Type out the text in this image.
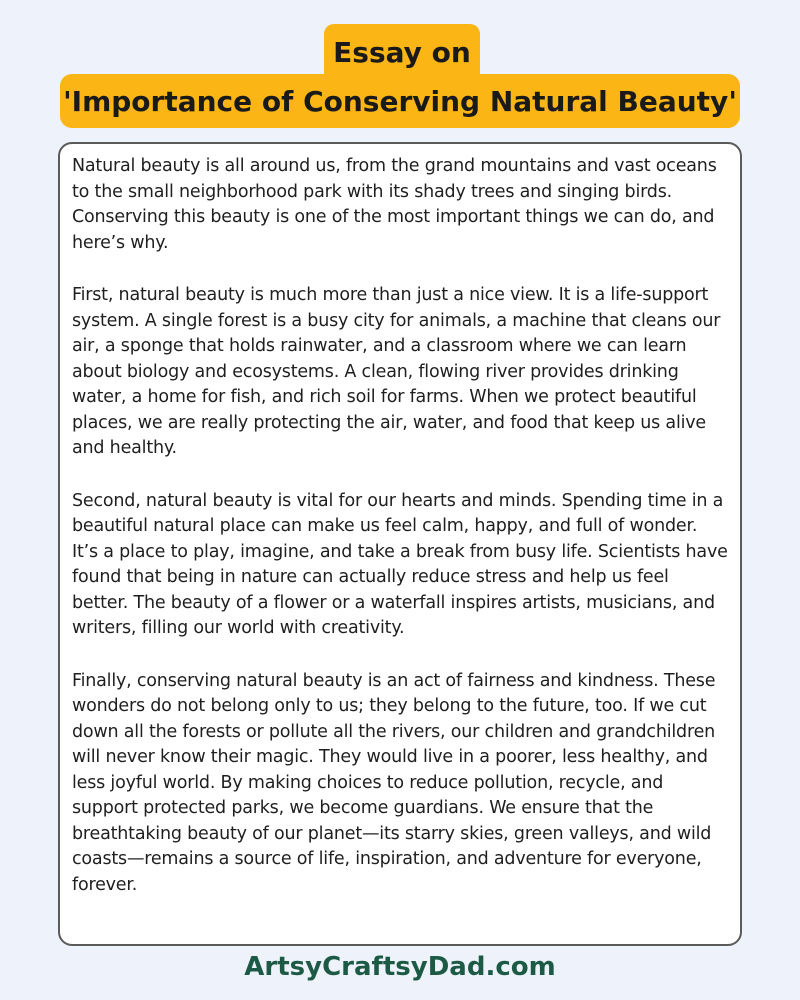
Essay on
'Importance of Conserving Natural Beauty'

Natural beauty is all around us, from the grand mountains and vast oceans to the small neighborhood park with its shady trees and singing birds. Conserving this beauty is one of the most important things we can do, and here’s why.

First, natural beauty is much more than just a nice view. It is a life-support system. A single forest is a busy city for animals, a machine that cleans our air, a sponge that holds rainwater, and a classroom where we can learn about biology and ecosystems. A clean, flowing river provides drinking water, a home for fish, and rich soil for farms. When we protect beautiful places, we are really protecting the air, water, and food that keep us alive and healthy.

Second, natural beauty is vital for our hearts and minds. Spending time in a beautiful natural place can make us feel calm, happy, and full of wonder. It’s a place to play, imagine, and take a break from busy life. Scientists have found that being in nature can actually reduce stress and help us feel better. The beauty of a flower or a waterfall inspires artists, musicians, and writers, filling our world with creativity.

Finally, conserving natural beauty is an act of fairness and kindness. These wonders do not belong only to us; they belong to the future, too. If we cut down all the forests or pollute all the rivers, our children and grandchildren will never know their magic. They would live in a poorer, less healthy, and less joyful world. By making choices to reduce pollution, recycle, and support protected parks, we become guardians. We ensure that the breathtaking beauty of our planet—its starry skies, green valleys, and wild coasts—remains a source of life, inspiration, and adventure for everyone, forever.

ArtsyCraftsyDad.com
